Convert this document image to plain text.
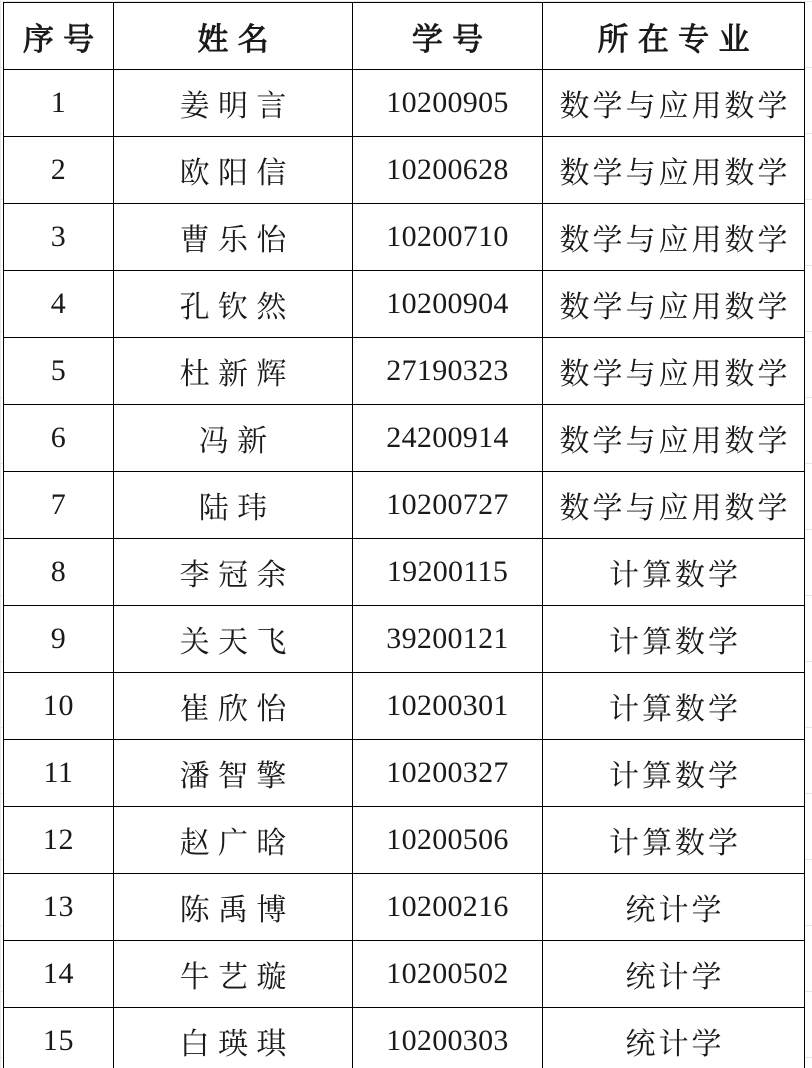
序号	姓名	学号	所在专业
1	姜明言	10200905	数学与应用数学
2	欧阳信	10200628	数学与应用数学
3	曹乐怡	10200710	数学与应用数学
4	孔钦然	10200904	数学与应用数学
5	杜新辉	27190323	数学与应用数学
6	冯新	24200914	数学与应用数学
7	陆玮	10200727	数学与应用数学
8	李冠余	19200115	计算数学
9	关天飞	39200121	计算数学
10	崔欣怡	10200301	计算数学
11	潘智擎	10200327	计算数学
12	赵广晗	10200506	计算数学
13	陈禹博	10200216	统计学
14	牛艺璇	10200502	统计学
15	白瑛琪	10200303	统计学
